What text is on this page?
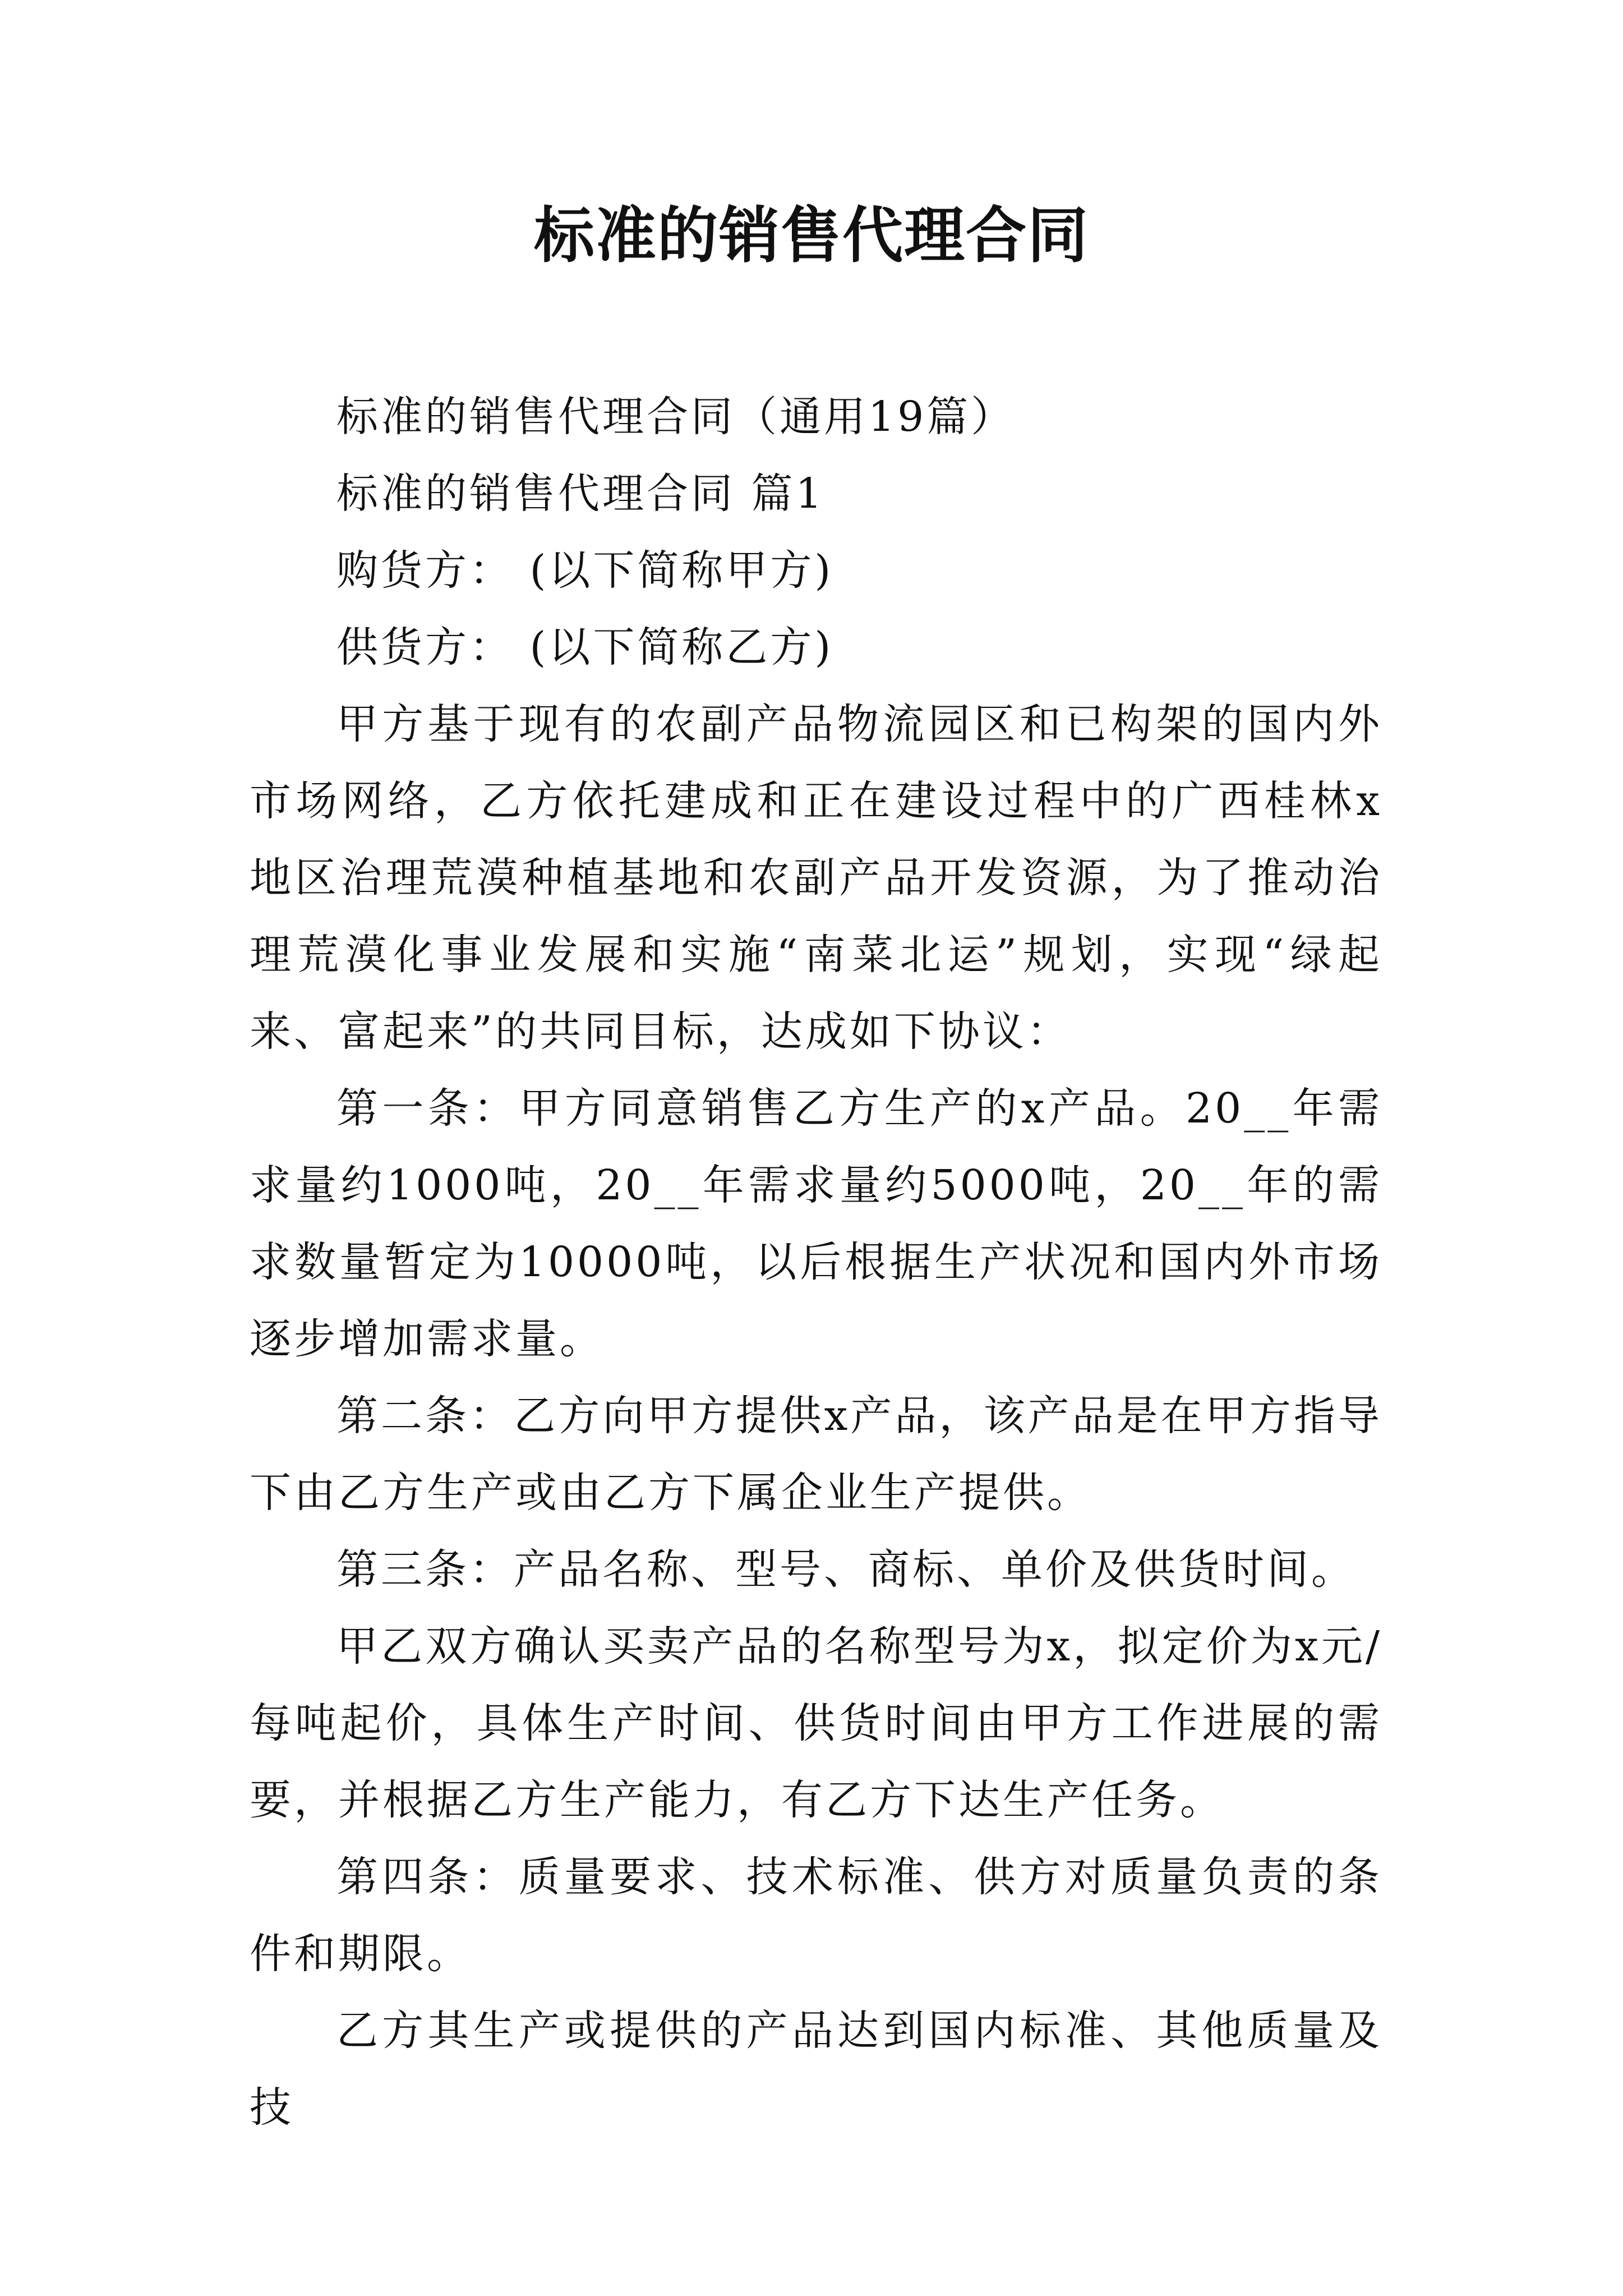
标准的销售代理合同

标准的销售代理合同（通用19篇）

标准的销售代理合同 篇1

购货方： (以下简称甲方)

供货方： (以下简称乙方)

甲方基于现有的农副产品物流园区和已构架的国内外市场网络，乙方依托建成和正在建设过程中的广西桂林x地区治理荒漠种植基地和农副产品开发资源，为了推动治理荒漠化事业发展和实施“南菜北运”规划，实现“绿起来、富起来”的共同目标，达成如下协议：

第一条：甲方同意销售乙方生产的x产品。20__年需求量约1000吨，20__年需求量约5000吨，20__年的需求数量暂定为10000吨，以后根据生产状况和国内外市场逐步增加需求量。

第二条：乙方向甲方提供x产品，该产品是在甲方指导下由乙方生产或由乙方下属企业生产提供。

第三条：产品名称、型号、商标、单价及供货时间。

甲乙双方确认买卖产品的名称型号为x，拟定价为x元/每吨起价，具体生产时间、供货时间由甲方工作进展的需要，并根据乙方生产能力，有乙方下达生产任务。

第四条：质量要求、技术标准、供方对质量负责的条件和期限。

乙方其生产或提供的产品达到国内标准、其他质量及技
